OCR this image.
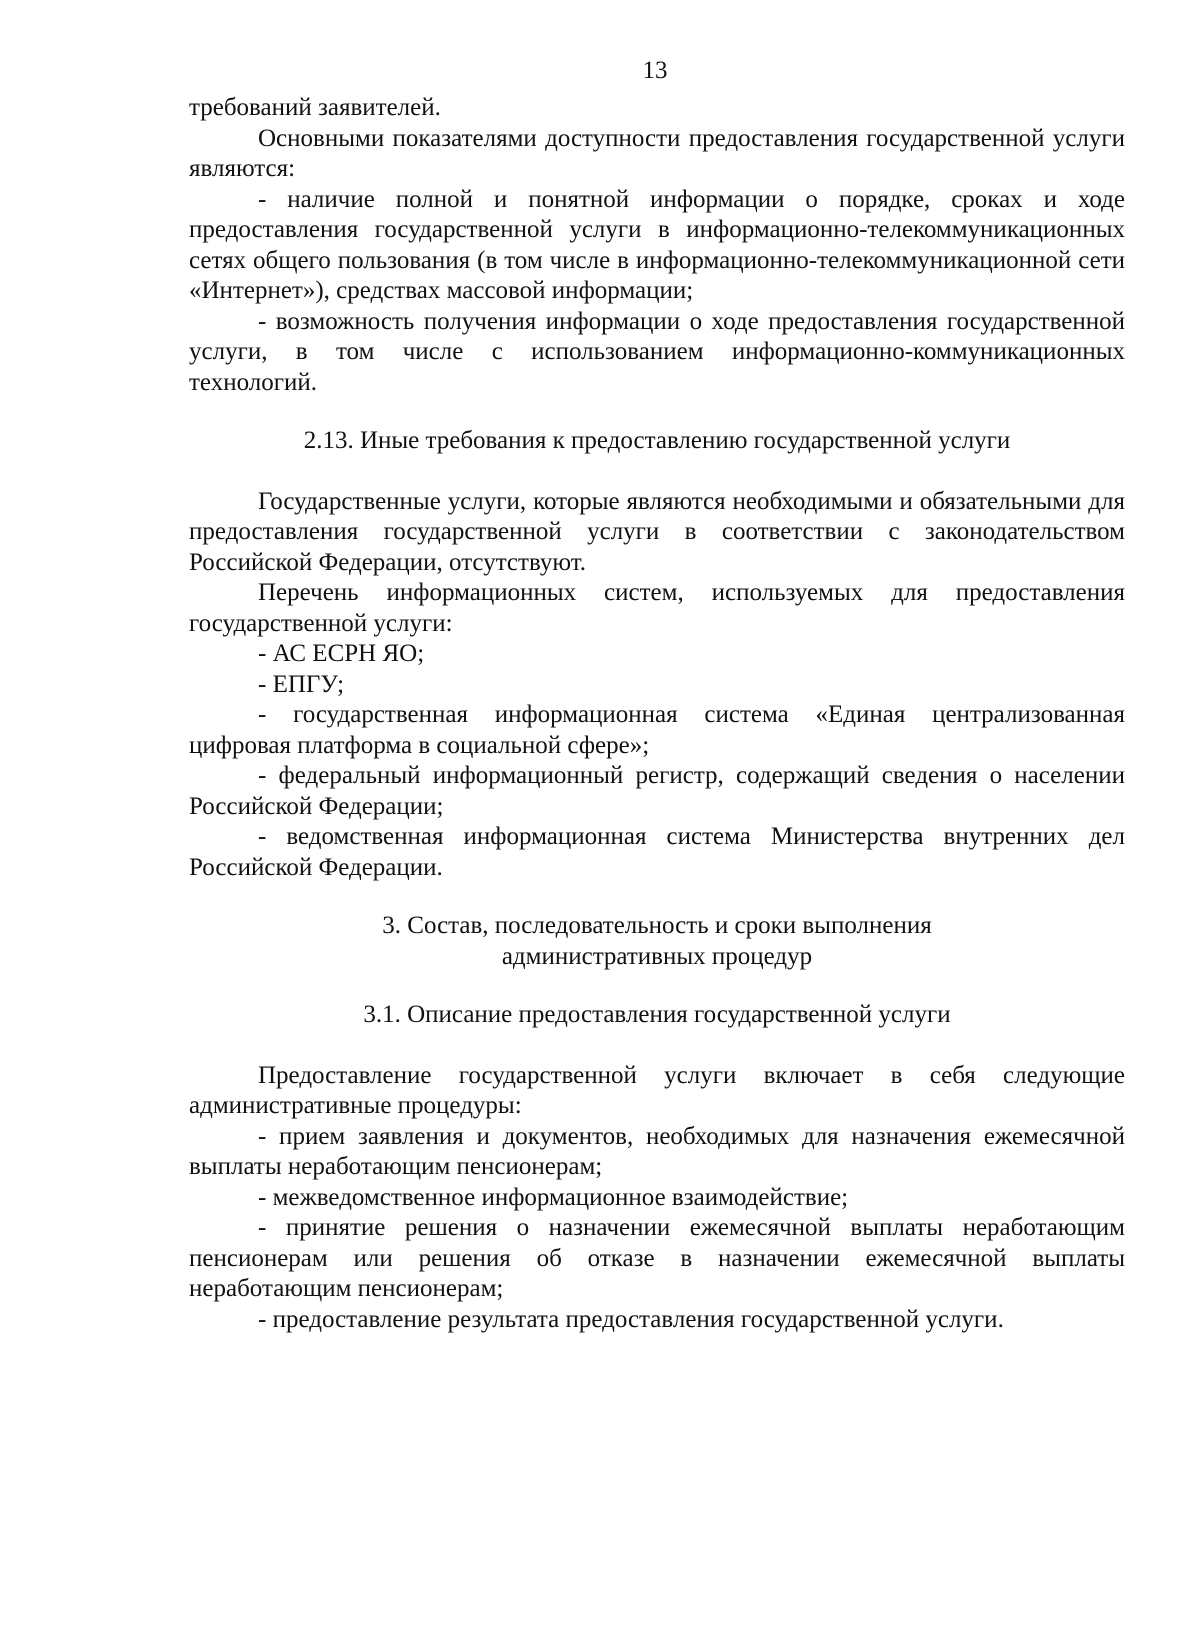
13

требований заявителей.

Основными показателями доступности предоставления государственной услуги являются:

- наличие полной и понятной информации о порядке, сроках и ходе предоставления государственной услуги в информационно-телекоммуникационных сетях общего пользования (в том числе в информационно-телекоммуникационной сети «Интернет»), средствах массовой информации;

- возможность получения информации о ходе предоставления государственной услуги, в том числе с использованием информационно-коммуникационных технологий.

2.13. Иные требования к предоставлению государственной услуги

Государственные услуги, которые являются необходимыми и обязательными для предоставления государственной услуги в соответствии с законодательством Российской Федерации, отсутствуют.

Перечень информационных систем, используемых для предоставления государственной услуги:

- АС ЕСРН ЯО;

- ЕПГУ;

- государственная информационная система «Единая централизованная цифровая платформа в социальной сфере»;

- федеральный информационный регистр, содержащий сведения о населении Российской Федерации;

- ведомственная информационная система Министерства внутренних дел Российской Федерации.

3. Состав, последовательность и сроки выполнения
административных процедур

3.1. Описание предоставления государственной услуги

Предоставление государственной услуги включает в себя следующие административные процедуры:

- прием заявления и документов, необходимых для назначения ежемесячной выплаты неработающим пенсионерам;

- межведомственное информационное взаимодействие;

- принятие решения о назначении ежемесячной выплаты неработающим пенсионерам или решения об отказе в назначении ежемесячной выплаты неработающим пенсионерам;

- предоставление результата предоставления государственной услуги.
